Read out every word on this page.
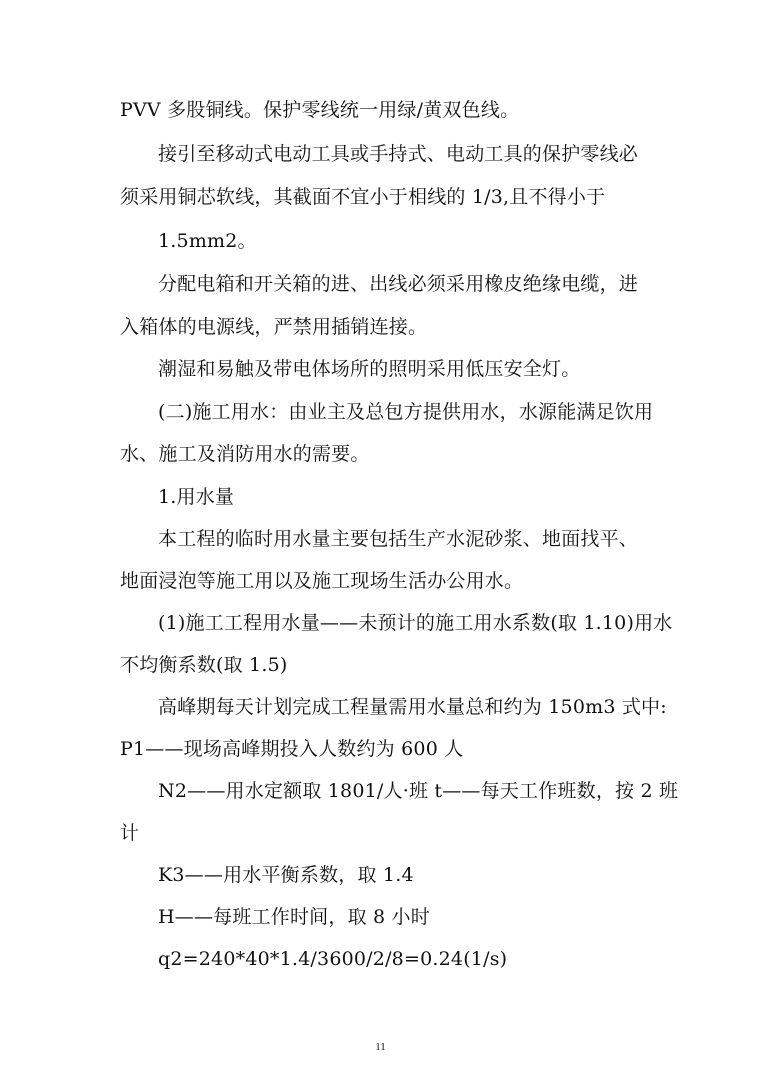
PVV 多股铜线。保护零线统一用绿/黄双色线。
接引至移动式电动工具或手持式、电动工具的保护零线必
须采用铜芯软线，其截面不宜小于相线的 1/3,且不得小于
1.5mm2。
分配电箱和开关箱的进、出线必须采用橡皮绝缘电缆，进
入箱体的电源线，严禁用插销连接。
潮湿和易触及带电体场所的照明采用低压安全灯。
(二)施工用水：由业主及总包方提供用水，水源能满足饮用
水、施工及消防用水的需要。
1.用水量
本工程的临时用水量主要包括生产水泥砂浆、地面找平、
地面浸泡等施工用以及施工现场生活办公用水。
(1)施工工程用水量——未预计的施工用水系数(取 1.10)用水
不均衡系数(取 1.5)
高峰期每天计划完成工程量需用水量总和约为 150m3 式中:
P1——现场高峰期投入人数约为 600 人
N2——用水定额取 1801/人·班 t——每天工作班数，按 2 班
计
K3——用水平衡系数，取 1.4
H——每班工作时间，取 8 小时
q2=240*40*1.4/3600/2/8=0.24(1/s)
11
